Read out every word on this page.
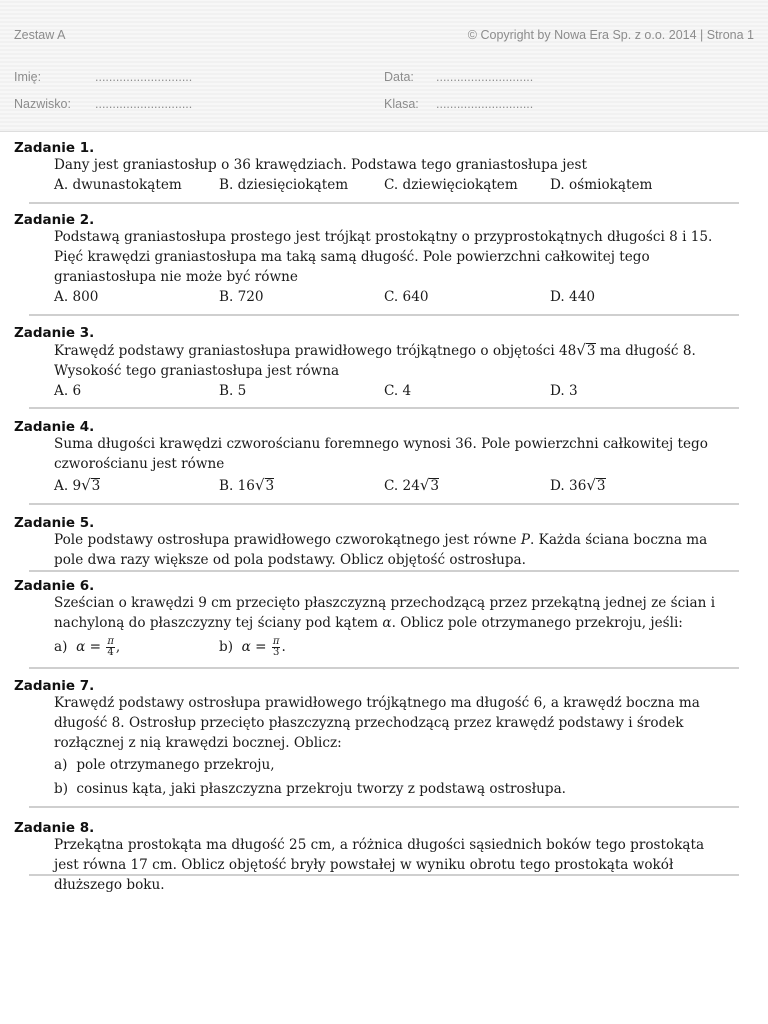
Zestaw A	© Copyright by Nowa Era Sp. z o.o. 2014 | Strona 1
Imię:	............................	Data: ............................
Nazwisko: ............................	Klasa: ............................
Zadanie 1.
Dany jest graniastosłup o 36 krawędziach. Podstawa tego graniastosłupa jest
A. dwunastokątem	B. dziesięciokątem	C. dziewięciokątem D. ośmiokątem
Zadanie 2.
Podstawą graniastosłupa prostego jest trójkąt prostokątny o przyprostokątnych długości 8 i 15. Pięć krawędzi graniastosłupa ma taką samą długość. Pole powierzchni całkowitej tego graniastosłupa nie może być równe
A. 800	B. 720	C. 640	D. 440
Zadanie 3.
Krawędź podstawy graniastosłupa prawidłowego trójkątnego o objętości 48√3 ma długość 8. Wysokość tego graniastosłupa jest równa
A. 6	B. 5	C. 4	D. 3
Zadanie 4.
Suma długości krawędzi czworościanu foremnego wynosi 36. Pole powierzchni całkowitej tego czworościanu jest równe
A. 9√3	B. 16√3	C. 24√3	D. 36√3
Zadanie 5.
Pole podstawy ostrosłupa prawidłowego czworokątnego jest równe P. Każda ściana boczna ma pole dwa razy większe od pola podstawy. Oblicz objętość ostrosłupa.
Zadanie 6.
Sześcian o krawędzi 9 cm przecięto płaszczyzną przechodzącą przez przekątną jednej ze ścian i nachyloną do płaszczyzny tej ściany pod kątem α. Oblicz pole otrzymanego przekroju, jeśli:
a) $\alpha = \frac{\pi}{4}$ ,	b) $\alpha = \frac{\pi}{3}$ .
Zadanie 7.
Krawędź podstawy ostrosłupa prawidłowego trójkątnego ma długość 6, a krawędź boczna ma długość 8. Ostrosłup przecięto płaszczyzną przechodzącą przez krawędź podstawy i środek rozłącznej z nią krawędzi bocznej. Oblicz:
a) pole otrzymanego przekroju,
b) cosinus kąta, jaki płaszczyzna przekroju tworzy z podstawą ostrosłupa.
Zadanie 8.
Przekątna prostokąta ma długość 25 cm, a różnica długości sąsiednich boków tego prostokąta jest równa 17 cm. Oblicz objętość bryły powstałej w wyniku obrotu tego prostokąta wokół dłuższego boku.
